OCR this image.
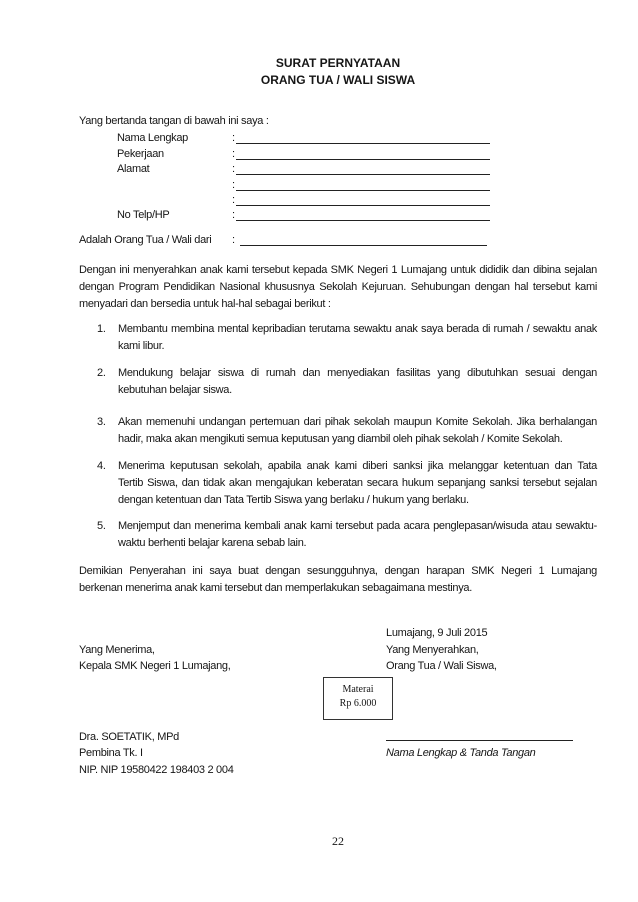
SURAT PERNYATAAN
ORANG TUA / WALI SISWA
Yang bertanda tangan di bawah ini saya :
Nama Lengkap	:
Pekerjaan	:
Alamat	:
:
:
No Telp/HP	:
Adalah Orang Tua / Wali dari :
Dengan ini menyerahkan anak kami tersebut kepada SMK Negeri 1 Lumajang untuk dididik dan dibina sejalan
dengan Program Pendidikan Nasional khususnya Sekolah Kejuruan. Sehubungan dengan hal tersebut kami
menyadari dan bersedia untuk hal-hal sebagai berikut :
1. Membantu membina mental kepribadian terutama sewaktu anak saya berada di rumah / sewaktu anak
kami libur.
2. Mendukung belajar siswa di rumah dan menyediakan fasilitas yang dibutuhkan sesuai dengan
kebutuhan belajar siswa.
3. Akan memenuhi undangan pertemuan dari pihak sekolah maupun Komite Sekolah. Jika berhalangan
hadir, maka akan mengikuti semua keputusan yang diambil oleh pihak sekolah / Komite Sekolah.
4. Menerima keputusan sekolah, apabila anak kami diberi sanksi jika melanggar ketentuan dan Tata
Tertib Siswa, dan tidak akan mengajukan keberatan secara hukum sepanjang sanksi tersebut sejalan
dengan ketentuan dan Tata Tertib Siswa yang berlaku / hukum yang berlaku.
5. Menjemput dan menerima kembali anak kami tersebut pada acara penglepasan/wisuda atau sewaktu-
waktu berhenti belajar karena sebab lain.
Demikian Penyerahan ini saya buat dengan sesungguhnya, dengan harapan SMK Negeri 1 Lumajang
berkenan menerima anak kami tersebut dan memperlakukan sebagaimana mestinya.
Lumajang, 9 Juli 2015
Yang Menerima,	Yang Menyerahkan,
Kepala SMK Negeri 1 Lumajang,	Orang Tua / Wali Siswa,
Materai
Rp 6.000
Dra. SOETATIK, MPd
Pembina Tk. I	Nama Lengkap & Tanda Tangan
NIP. NIP 19580422 198403 2 004
22
